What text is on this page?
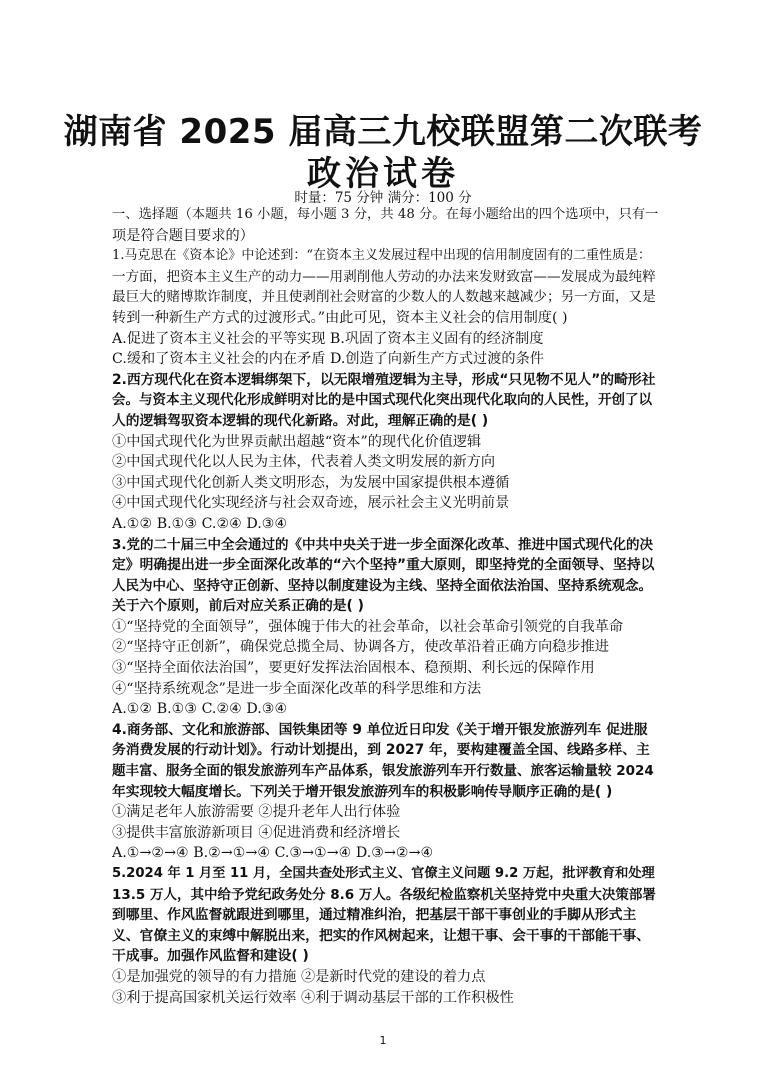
湖南省 2025 届高三九校联盟第二次联考
政治试卷
时量：75 分钟 满分：100 分
一、选择题（本题共 16 小题，每小题 3 分，共 48 分。在每小题给出的四个选项中，只有一
项是符合题目要求的）
1.马克思在《资本论》中论述到：“在资本主义发展过程中出现的信用制度固有的二重性质是：
一方面，把资本主义生产的动力——用剥削他人劳动的办法来发财致富——发展成为最纯粹
最巨大的赌博欺诈制度，并且使剥削社会财富的少数人的人数越来越减少；另一方面，又是
转到一种新生产方式的过渡形式。”由此可见，资本主义社会的信用制度( )
A.促进了资本主义社会的平等实现 B.巩固了资本主义固有的经济制度
C.缓和了资本主义社会的内在矛盾 D.创造了向新生产方式过渡的条件
2.西方现代化在资本逻辑绑架下，以无限增殖逻辑为主导，形成“只见物不见人”的畸形社
会。与资本主义现代化形成鲜明对比的是中国式现代化突出现代化取向的人民性，开创了以
人的逻辑驾驭资本逻辑的现代化新路。对此，理解正确的是( )
①中国式现代化为世界贡献出超越“资本”的现代化价值逻辑
②中国式现代化以人民为主体，代表着人类文明发展的新方向
③中国式现代化创新人类文明形态，为发展中国家提供根本遵循
④中国式现代化实现经济与社会双奇迹，展示社会主义光明前景
A.①② B.①③ C.②④ D.③④
3.党的二十届三中全会通过的《中共中央关于进一步全面深化改革、推进中国式现代化的决
定》明确提出进一步全面深化改革的“六个坚持”重大原则，即坚持党的全面领导、坚持以
人民为中心、坚持守正创新、坚持以制度建设为主线、坚持全面依法治国、坚持系统观念。
关于六个原则，前后对应关系正确的是( )
①“坚持党的全面领导”，强体魄于伟大的社会革命，以社会革命引领党的自我革命
②“坚持守正创新”，确保党总揽全局、协调各方，使改革沿着正确方向稳步推进
③“坚持全面依法治国”，要更好发挥法治固根本、稳预期、利长远的保障作用
④“坚持系统观念”是进一步全面深化改革的科学思维和方法
A.①② B.①③ C.②④ D.③④
4.商务部、文化和旅游部、国铁集团等 9 单位近日印发《关于增开银发旅游列车 促进服
务消费发展的行动计划》。行动计划提出，到 2027 年，要构建覆盖全国、线路多样、主
题丰富、服务全面的银发旅游列车产品体系，银发旅游列车开行数量、旅客运输量较 2024
年实现较大幅度增长。下列关于增开银发旅游列车的积极影响传导顺序正确的是( )
①满足老年人旅游需要 ②提升老年人出行体验
③提供丰富旅游新项目 ④促进消费和经济增长
A.①→②→④ B.②→①→④ C.③→①→④ D.③→②→④
5.2024 年 1 月至 11 月，全国共查处形式主义、官僚主义问题 9.2 万起，批评教育和处理
13.5 万人，其中给予党纪政务处分 8.6 万人。各级纪检监察机关坚持党中央重大决策部署
到哪里、作风监督就跟进到哪里，通过精准纠治，把基层干部干事创业的手脚从形式主
义、官僚主义的束缚中解脱出来，把实的作风树起来，让想干事、会干事的干部能干事、
干成事。加强作风监督和建设( )
①是加强党的领导的有力措施 ②是新时代党的建设的着力点
③利于提高国家机关运行效率 ④利于调动基层干部的工作积极性
1
